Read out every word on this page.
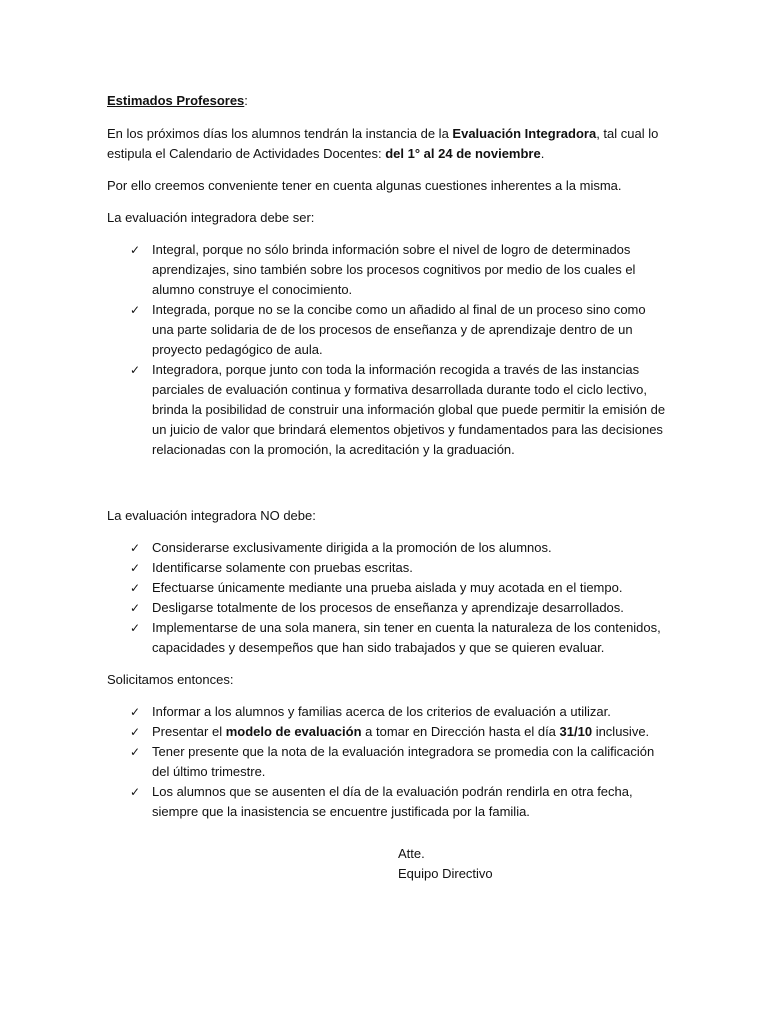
Estimados Profesores:

En los próximos días los alumnos tendrán la instancia de la Evaluación Integradora, tal cual lo estipula el Calendario de Actividades Docentes: del 1° al 24 de noviembre.

Por ello creemos conveniente tener en cuenta algunas cuestiones inherentes a la misma.

La evaluación integradora debe ser:

✓ Integral, porque no sólo brinda información sobre el nivel de logro de determinados aprendizajes, sino también sobre los procesos cognitivos por medio de los cuales el alumno construye el conocimiento.
✓ Integrada, porque no se la concibe como un añadido al final de un proceso sino como una parte solidaria de de los procesos de enseñanza y de aprendizaje dentro de un proyecto pedagógico de aula.
✓ Integradora, porque junto con toda la información recogida a través de las instancias parciales de evaluación continua y formativa desarrollada durante todo el ciclo lectivo, brinda la posibilidad de construir una información global que puede permitir la emisión de un juicio de valor que brindará elementos objetivos y fundamentados para las decisiones relacionadas con la promoción, la acreditación y la graduación.

La evaluación integradora NO debe:

✓ Considerarse exclusivamente dirigida a la promoción de los alumnos.
✓ Identificarse solamente con pruebas escritas.
✓ Efectuarse únicamente mediante una prueba aislada y muy acotada en el tiempo.
✓ Desligarse totalmente de los procesos de enseñanza y aprendizaje desarrollados.
✓ Implementarse de una sola manera, sin tener en cuenta la naturaleza de los contenidos, capacidades y desempeños que han sido trabajados y que se quieren evaluar.

Solicitamos entonces:

✓ Informar a los alumnos y familias acerca de los criterios de evaluación a utilizar.
✓ Presentar el modelo de evaluación a tomar en Dirección hasta el día 31/10 inclusive.
✓ Tener presente que la nota de la evaluación integradora se promedia con la calificación del último trimestre.
✓ Los alumnos que se ausenten el día de la evaluación podrán rendirla en otra fecha, siempre que la inasistencia se encuentre justificada por la familia.

Atte.

Equipo Directivo
